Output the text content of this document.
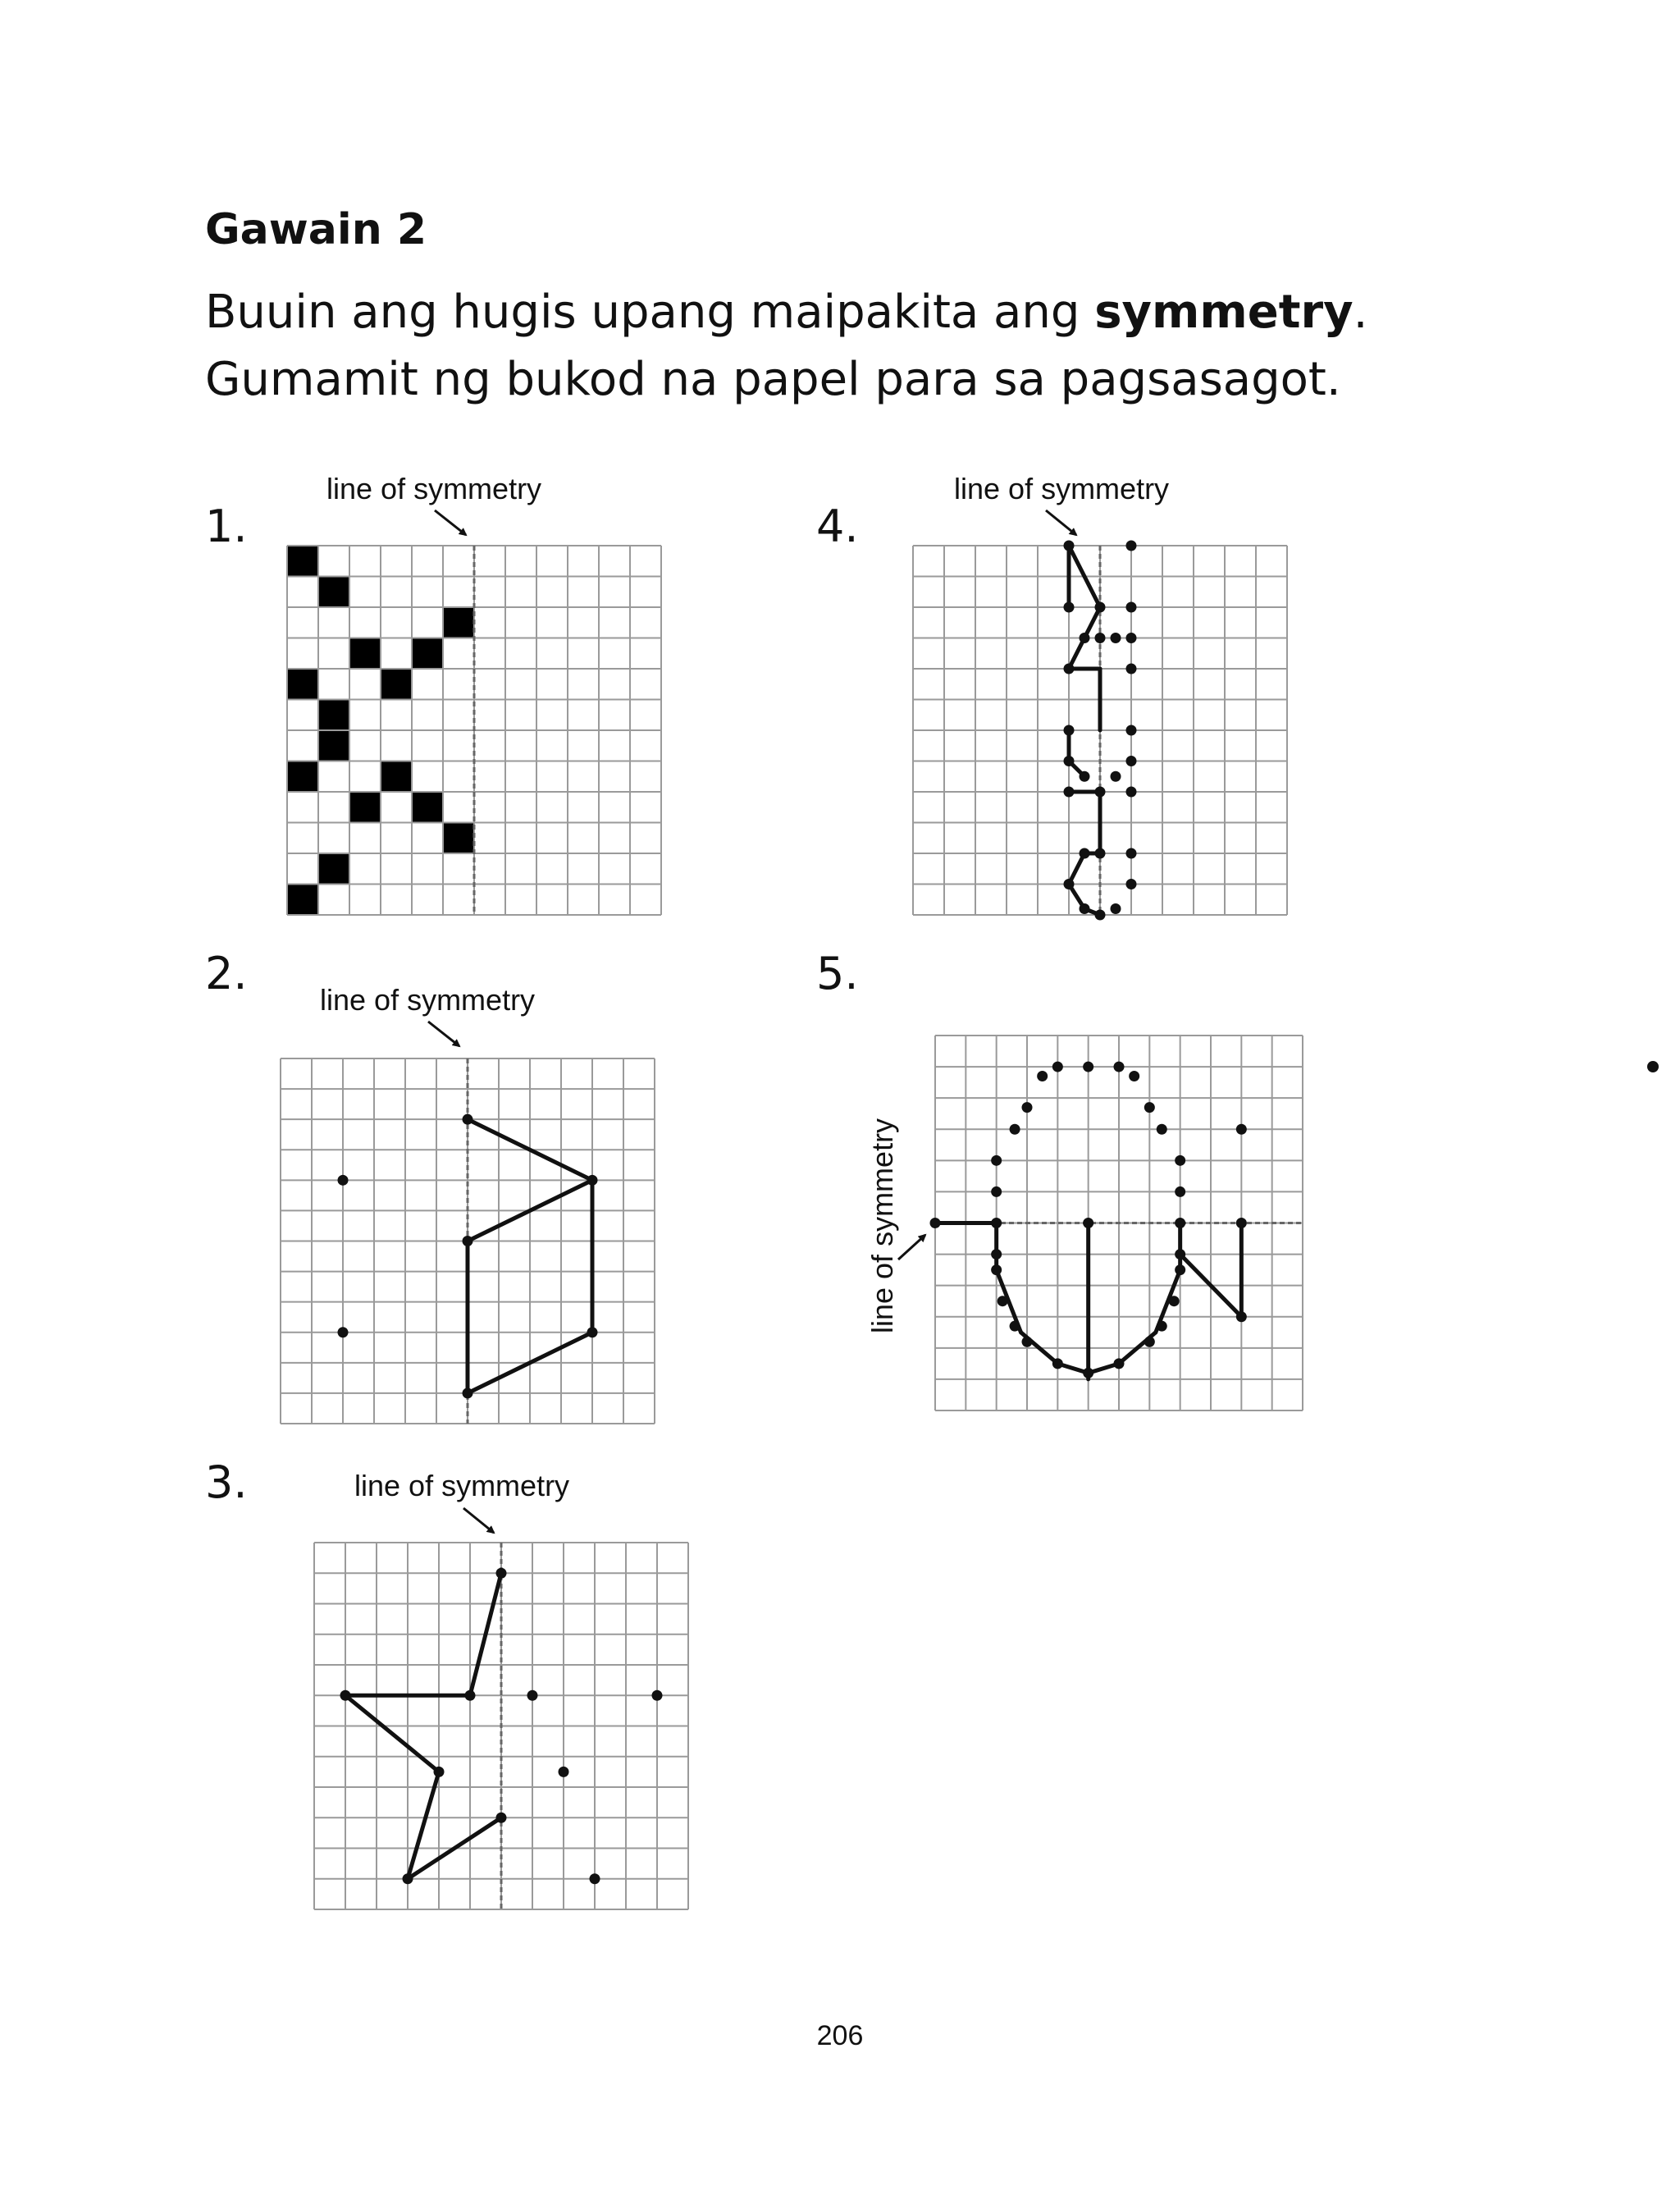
Gawain 2

Buuin ang hugis upang maipakita ang symmetry.

Gumamit ng bukod na papel para sa pagsasagot.

1.

2.

3.

4.

5.

line of symmetry

line of symmetry

line of symmetry

line of symmetry

line of symmetry

206
